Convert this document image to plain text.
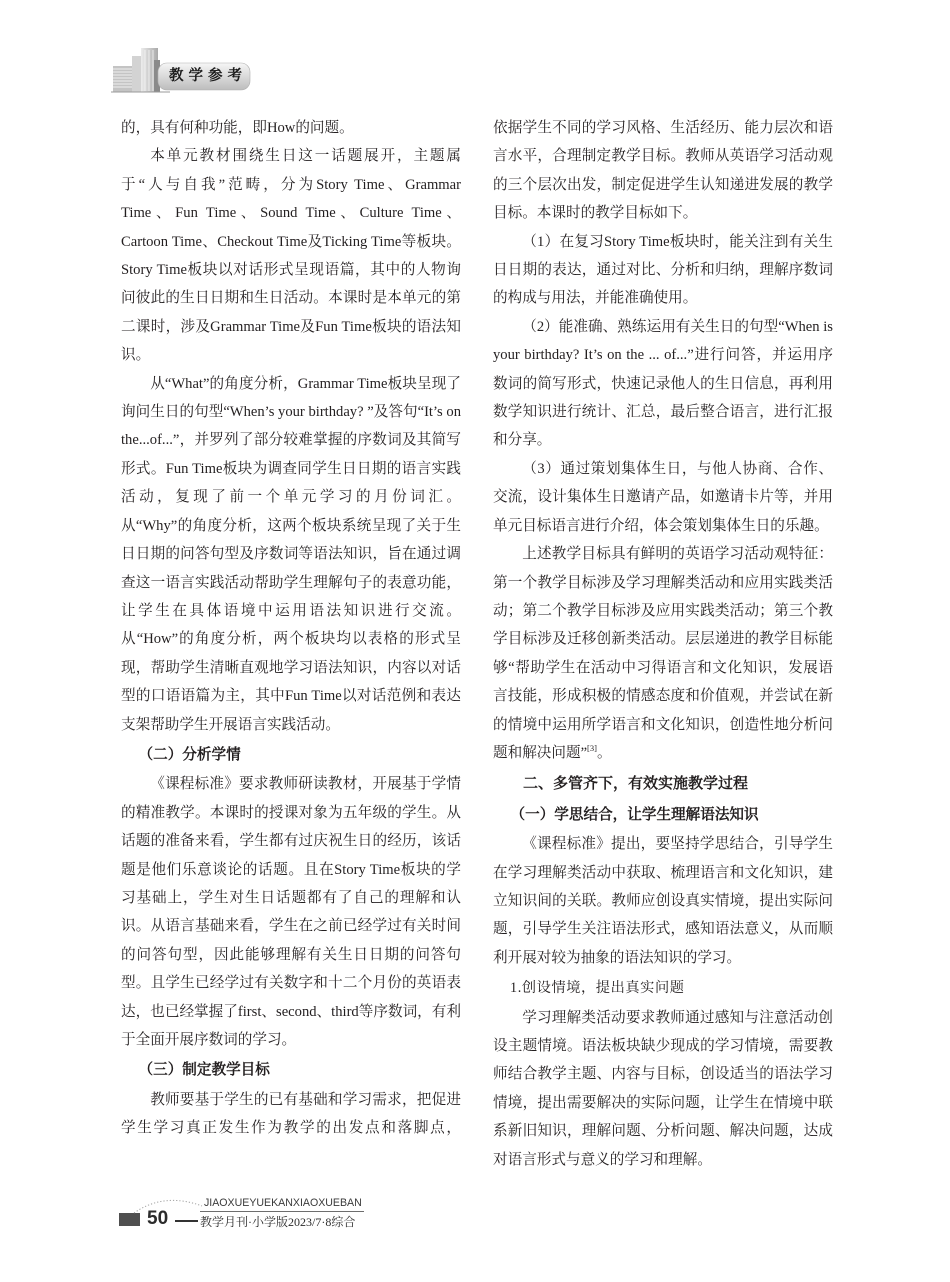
教学参考

的，具有何种功能，即How的问题。

本单元教材围绕生日这一话题展开，主题属于“人与自我”范畴，分为Story Time、Grammar Time、Fun Time、Sound Time、Culture Time、Cartoon Time、Checkout Time及Ticking Time等板块。Story Time板块以对话形式呈现语篇，其中的人物询问彼此的生日日期和生日活动。本课时是本单元的第二课时，涉及Grammar Time及Fun Time板块的语法知识。

从“What”的角度分析，Grammar Time板块呈现了询问生日的句型“When’s your birthday? ”及答句“It’s on the...of...”，并罗列了部分较难掌握的序数词及其简写形式。Fun Time板块为调查同学生日日期的语言实践活动，复现了前一个单元学习的月份词汇。从“Why”的角度分析，这两个板块系统呈现了关于生日日期的问答句型及序数词等语法知识，旨在通过调查这一语言实践活动帮助学生理解句子的表意功能，让学生在具体语境中运用语法知识进行交流。从“How”的角度分析，两个板块均以表格的形式呈现，帮助学生清晰直观地学习语法知识，内容以对话型的口语语篇为主，其中Fun Time以对话范例和表达支架帮助学生开展语言实践活动。

（二）分析学情

《课程标准》要求教师研读教材，开展基于学情的精准教学。本课时的授课对象为五年级的学生。从话题的准备来看，学生都有过庆祝生日的经历，该话题是他们乐意谈论的话题。且在Story Time板块的学习基础上，学生对生日话题都有了自己的理解和认识。从语言基础来看，学生在之前已经学过有关时间的问答句型，因此能够理解有关生日日期的问答句型。且学生已经学过有关数字和十二个月份的英语表达，也已经掌握了first、second、third等序数词，有利于全面开展序数词的学习。

（三）制定教学目标

教师要基于学生的已有基础和学习需求，把促进学生学习真正发生作为教学的出发点和落脚点，

依据学生不同的学习风格、生活经历、能力层次和语言水平，合理制定教学目标。教师从英语学习活动观的三个层次出发，制定促进学生认知递进发展的教学目标。本课时的教学目标如下。

（1）在复习Story Time板块时，能关注到有关生日日期的表达，通过对比、分析和归纳，理解序数词的构成与用法，并能准确使用。

（2）能准确、熟练运用有关生日的句型“When is your birthday? It’s on the ... of...”进行问答，并运用序数词的简写形式，快速记录他人的生日信息，再利用数学知识进行统计、汇总，最后整合语言，进行汇报和分享。

（3）通过策划集体生日，与他人协商、合作、交流，设计集体生日邀请产品，如邀请卡片等，并用单元目标语言进行介绍，体会策划集体生日的乐趣。

上述教学目标具有鲜明的英语学习活动观特征：第一个教学目标涉及学习理解类活动和应用实践类活动；第二个教学目标涉及应用实践类活动；第三个教学目标涉及迁移创新类活动。层层递进的教学目标能够“帮助学生在活动中习得语言和文化知识，发展语言技能，形成积极的情感态度和价值观，并尝试在新的情境中运用所学语言和文化知识，创造性地分析问题和解决问题”[3]。

二、多管齐下，有效实施教学过程
（一）学思结合，让学生理解语法知识

《课程标准》提出，要坚持学思结合，引导学生在学习理解类活动中获取、梳理语言和文化知识，建立知识间的关联。教师应创设真实情境，提出实际问题，引导学生关注语法形式，感知语法意义，从而顺利开展对较为抽象的语法知识的学习。

1.创设情境，提出真实问题

学习理解类活动要求教师通过感知与注意活动创设主题情境。语法板块缺少现成的学习情境，需要教师结合教学主题、内容与目标，创设适当的语法学习情境，提出需要解决的实际问题，让学生在情境中联系新旧知识，理解问题、分析问题、解决问题，达成对语言形式与意义的学习和理解。

50
JIAOXUEYUEKANXIAOXUEBAN
教学月刊·小学版2023/7·8综合
